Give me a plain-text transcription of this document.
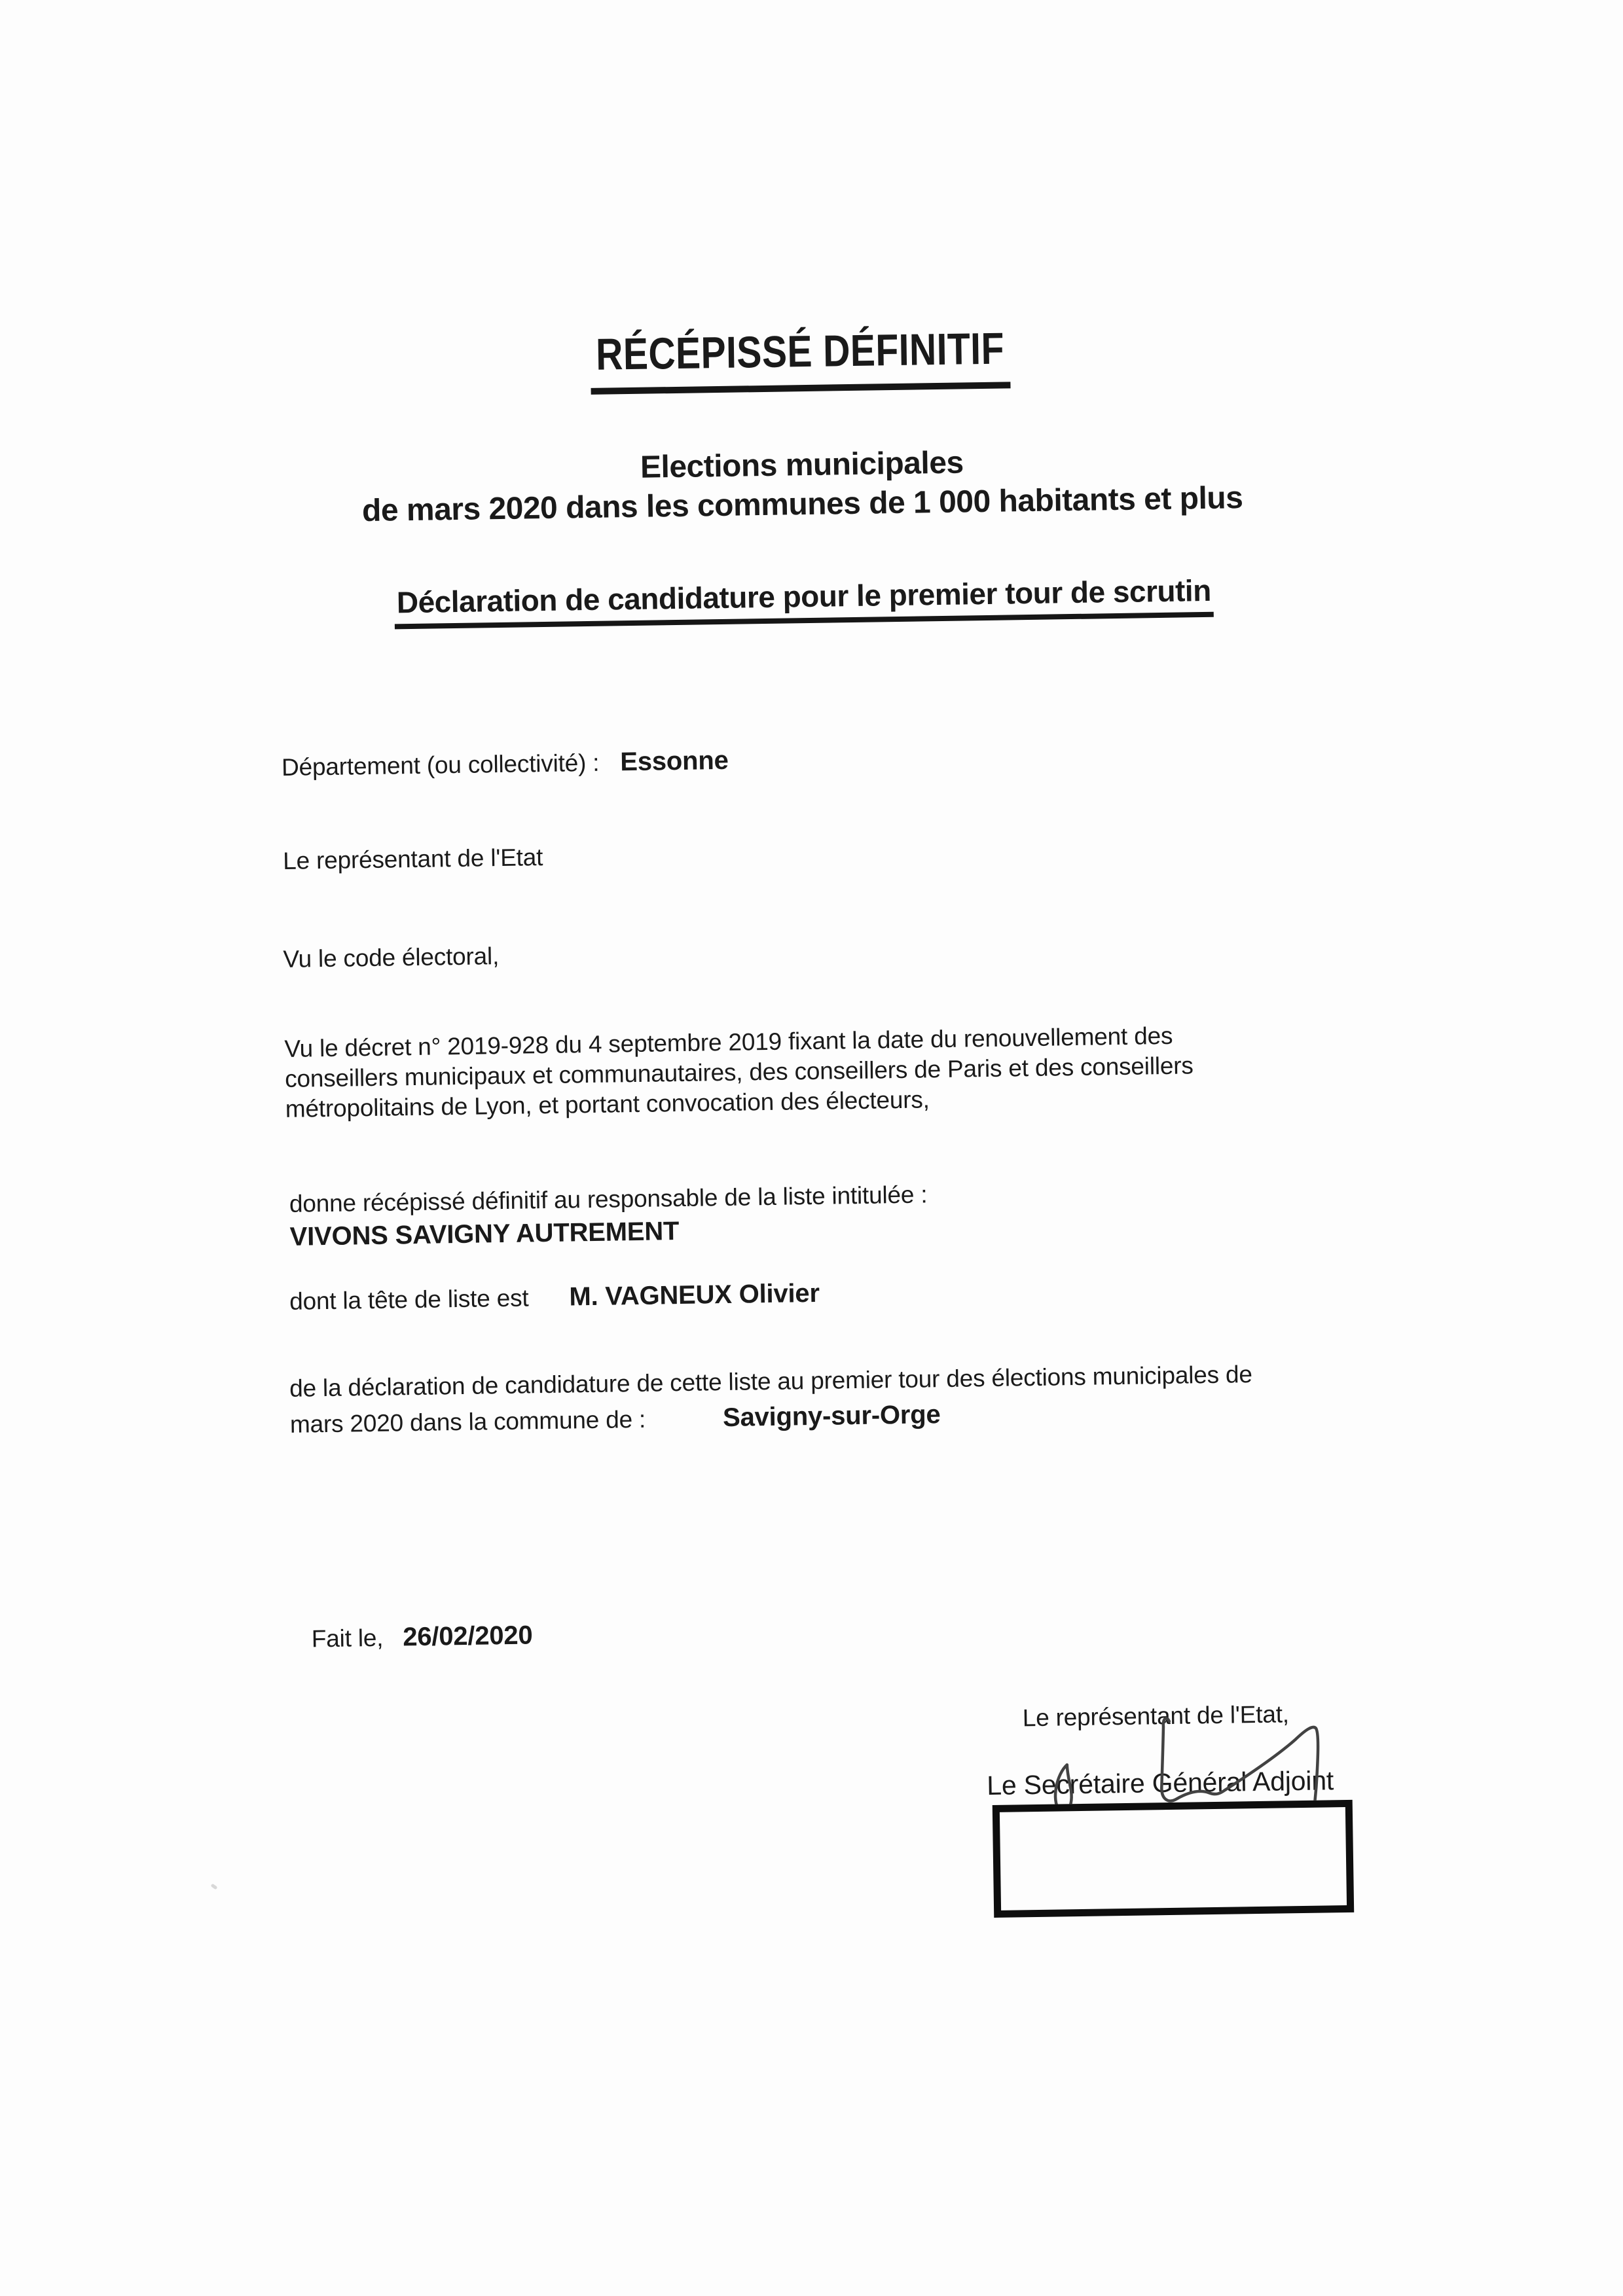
RÉCÉPISSÉ DÉFINITIF
Elections municipales
de mars 2020 dans les communes de 1 000 habitants et plus
Déclaration de candidature pour le premier tour de scrutin
Département (ou collectivité) : Essonne
Le représentant de l'Etat
Vu le code électoral,
Vu le décret n° 2019-928 du 4 septembre 2019 fixant la date du renouvellement des
conseillers municipaux et communautaires, des conseillers de Paris et des conseillers
métropolitains de Lyon, et portant convocation des électeurs,
donne récépissé définitif au responsable de la liste intitulée :
VIVONS SAVIGNY AUTREMENT
dont la tête de liste est M. VAGNEUX Olivier
de la déclaration de candidature de cette liste au premier tour des élections municipales de
mars 2020 dans la commune de :	Savigny-sur-Orge
Fait le, 26/02/2020
Le représentant de l'Etat,
Le Secrétaire Général Adjoint
